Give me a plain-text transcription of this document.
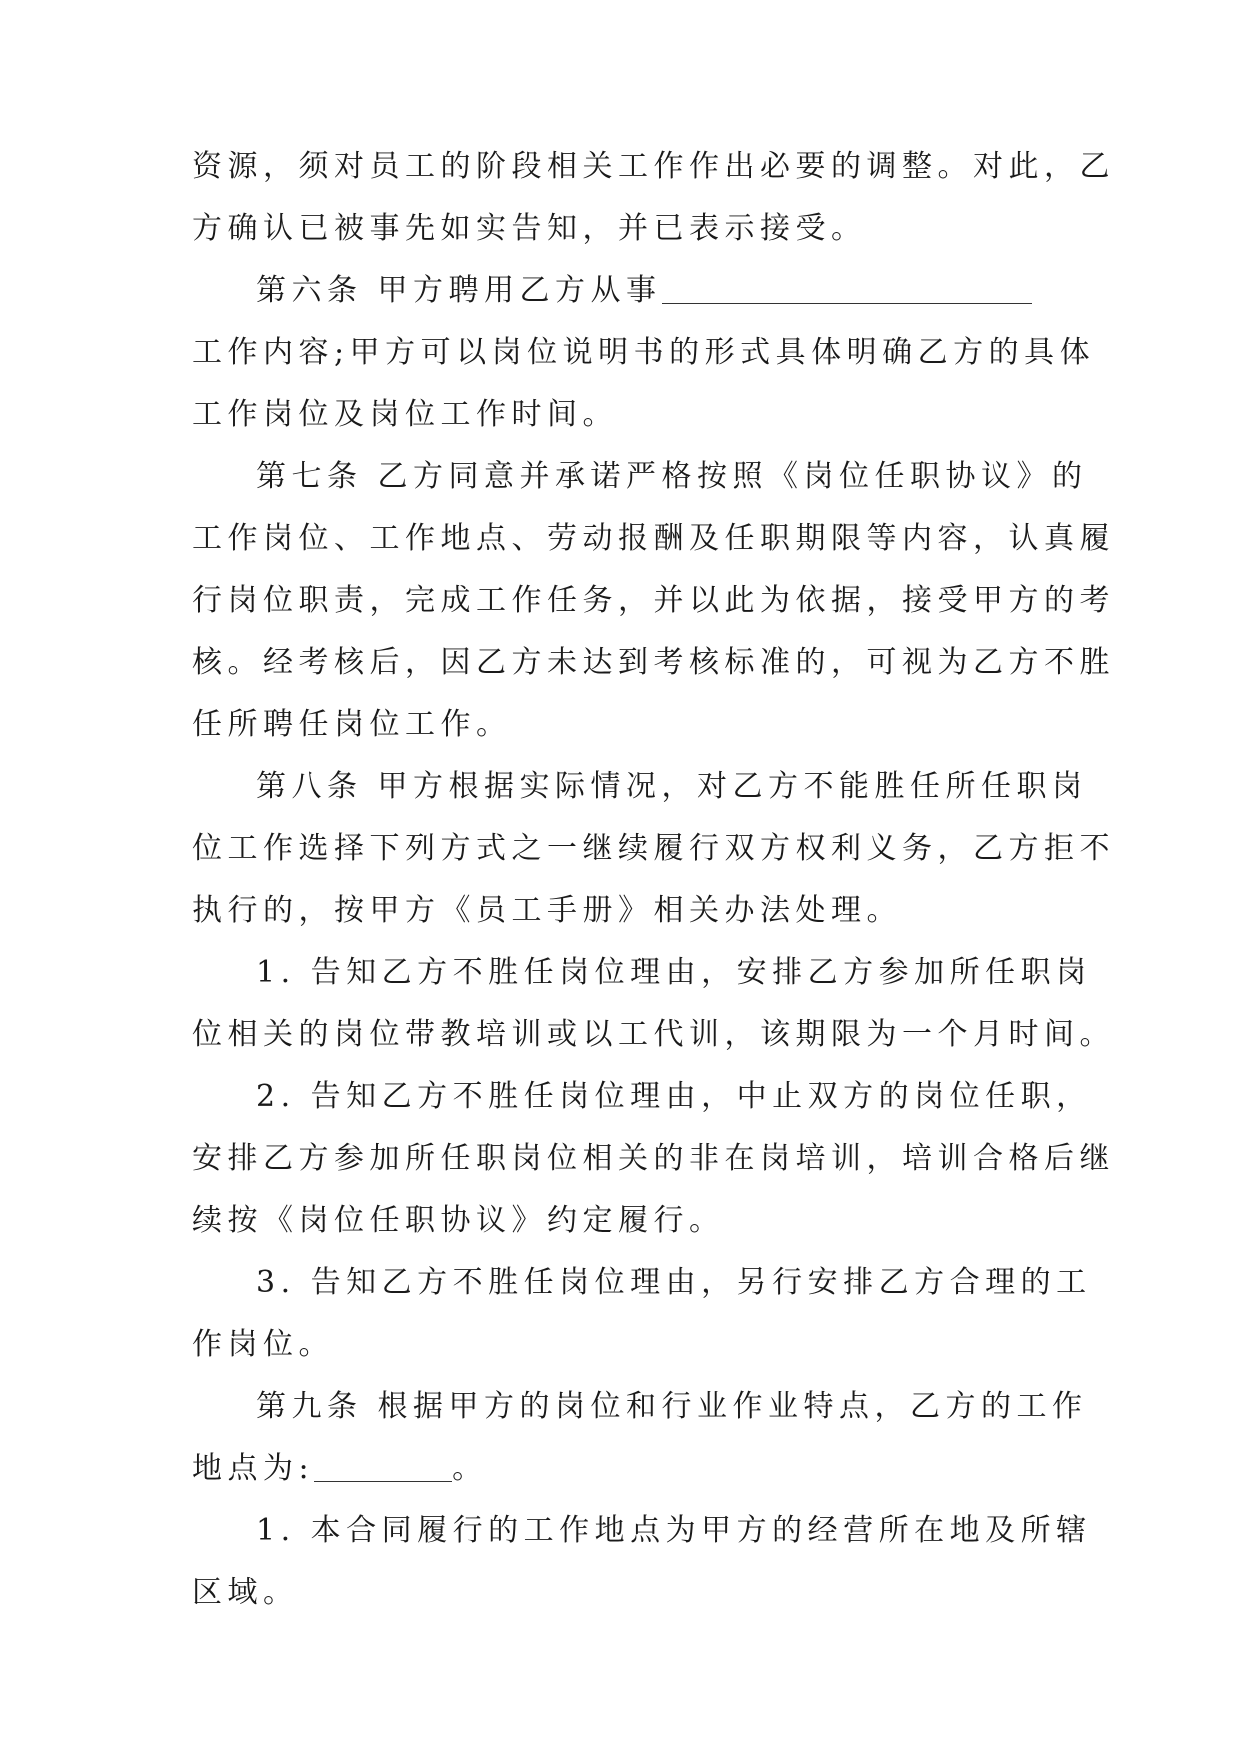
资源，须对员工的阶段相关工作作出必要的调整。对此，乙
方确认已被事先如实告知，并已表示接受。
第六条 甲方聘用乙方从事
工作内容;甲方可以岗位说明书的形式具体明确乙方的具体
工作岗位及岗位工作时间。
第七条 乙方同意并承诺严格按照《岗位任职协议》的
工作岗位、工作地点、劳动报酬及任职期限等内容，认真履
行岗位职责，完成工作任务，并以此为依据，接受甲方的考
核。经考核后，因乙方未达到考核标准的，可视为乙方不胜
任所聘任岗位工作。
第八条 甲方根据实际情况，对乙方不能胜任所任职岗
位工作选择下列方式之一继续履行双方权利义务，乙方拒不
执行的，按甲方《员工手册》相关办法处理。
1. 告知乙方不胜任岗位理由，安排乙方参加所任职岗
位相关的岗位带教培训或以工代训，该期限为一个月时间。
2. 告知乙方不胜任岗位理由，中止双方的岗位任职，
安排乙方参加所任职岗位相关的非在岗培训，培训合格后继
续按《岗位任职协议》约定履行。
3. 告知乙方不胜任岗位理由，另行安排乙方合理的工
作岗位。
第九条 根据甲方的岗位和行业作业特点，乙方的工作
地点为:	。
1. 本合同履行的工作地点为甲方的经营所在地及所辖
区域。
